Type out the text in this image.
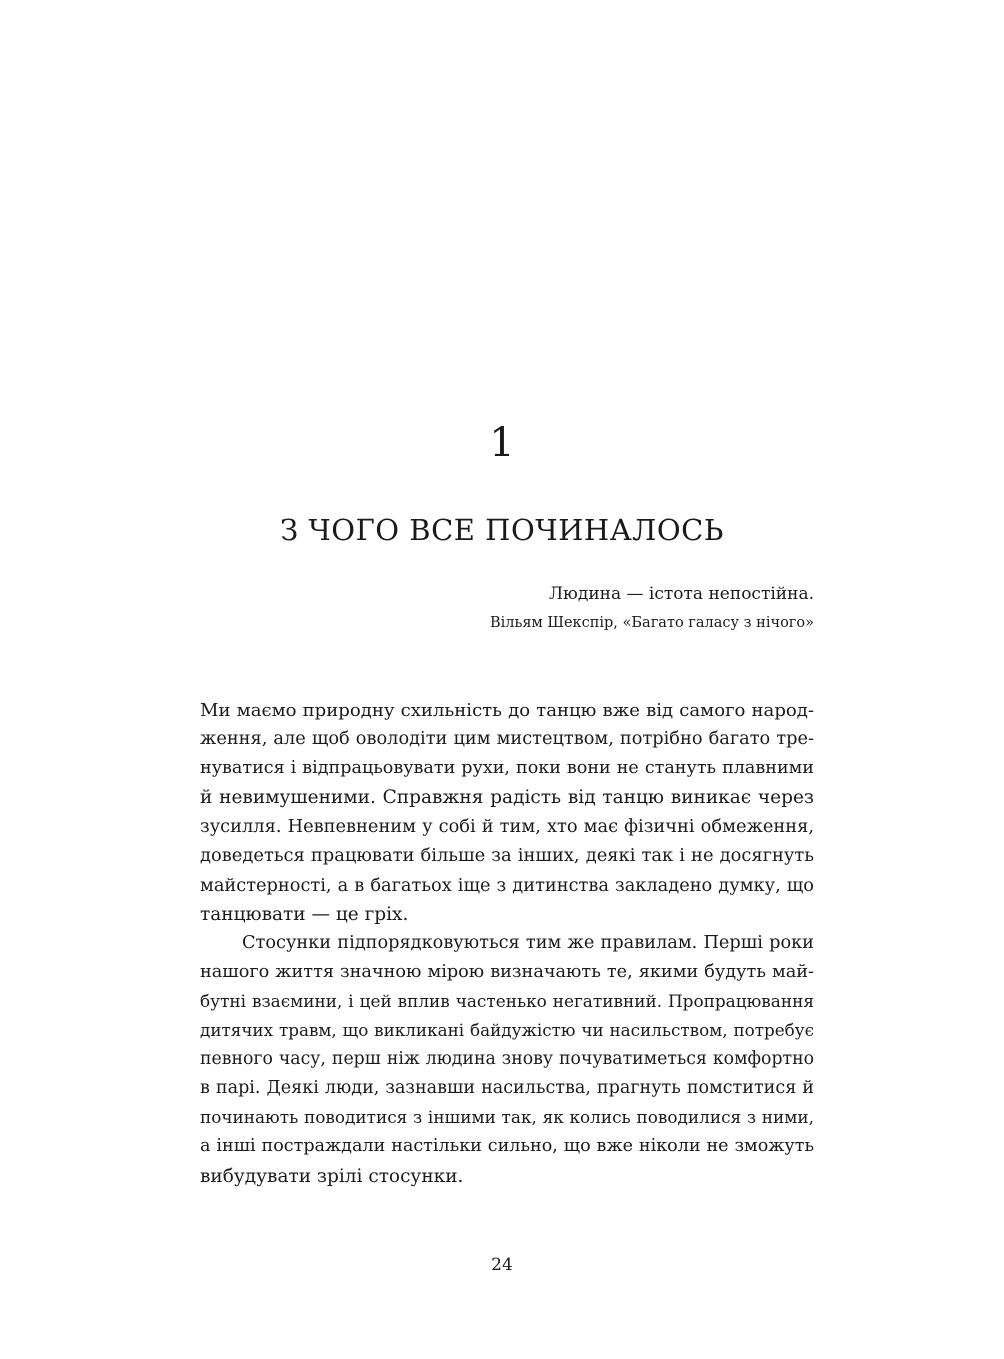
1
З ЧОГО ВСЕ ПОЧИНАЛОСЬ

Людина — істота непостійна.

Вільям Шекспір, «Багато галасу з нічого»

Ми маємо природну схильність до танцю вже від самого народ-
ження, але щоб оволодіти цим мистецтвом, потрібно багато тре-
нуватися і відпрацьовувати рухи, поки вони не стануть плавними
й невимушеними. Справжня радість від танцю виникає через
зусилля. Невпевненим у собі й тим, хто має фізичні обмеження,
доведеться працювати більше за інших, деякі так і не досягнуть
майстерності, а в багатьох іще з дитинства закладено думку, що
танцювати — це гріх.

Стосунки підпорядковуються тим же правилам. Перші роки
нашого життя значною мірою визначають те, якими будуть май-
бутні взаємини, і цей вплив частенько негативний. Пропрацювання
дитячих травм, що викликані байдужістю чи насильством, потребує
певного часу, перш ніж людина знову почуватиметься комфортно
в парі. Деякі люди, зазнавши насильства, прагнуть помститися й
починають поводитися з іншими так, як колись поводилися з ними,
а інші постраждали настільки сильно, що вже ніколи не зможуть
вибудувати зрілі стосунки.

24
